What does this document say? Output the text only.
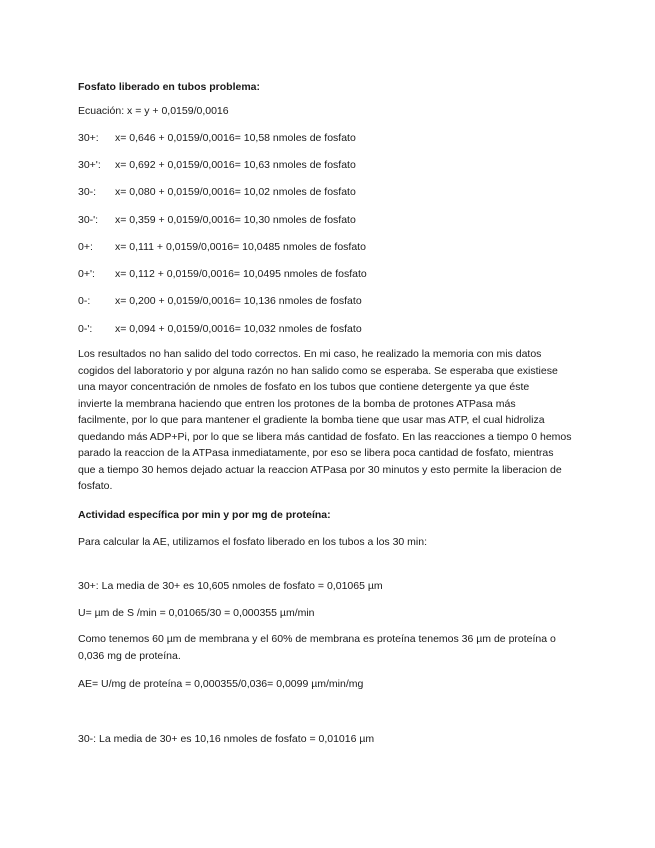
Fosfato liberado en tubos problema:
Ecuación: x = y + 0,0159/0,0016
30+: x= 0,646 + 0,0159/0,0016= 10,58 nmoles de fosfato
30+': x= 0,692 + 0,0159/0,0016= 10,63 nmoles de fosfato
30-: x= 0,080 + 0,0159/0,0016= 10,02 nmoles de fosfato
30-': x= 0,359 + 0,0159/0,0016= 10,30 nmoles de fosfato
0+: x= 0,111 + 0,0159/0,0016= 10,0485 nmoles de fosfato
0+': x= 0,112 + 0,0159/0,0016= 10,0495 nmoles de fosfato
0-: x= 0,200 + 0,0159/0,0016= 10,136 nmoles de fosfato
0-': x= 0,094 + 0,0159/0,0016= 10,032 nmoles de fosfato
Los resultados no han salido del todo correctos. En mi caso, he realizado la memoria con mis datos
cogidos del laboratorio y por alguna razón no han salido como se esperaba. Se esperaba que existiese
una mayor concentración de nmoles de fosfato en los tubos que contiene detergente ya que éste
invierte la membrana haciendo que entren los protones de la bomba de protones ATPasa más
facilmente, por lo que para mantener el gradiente la bomba tiene que usar mas ATP, el cual hidroliza
quedando más ADP+Pi, por lo que se libera más cantidad de fosfato. En las reacciones a tiempo 0 hemos
parado la reaccion de la ATPasa inmediatamente, por eso se libera poca cantidad de fosfato, mientras
que a tiempo 30 hemos dejado actuar la reaccion ATPasa por 30 minutos y esto permite la liberacion de
fosfato.
Actividad específica por min y por mg de proteína:
Para calcular la AE, utilizamos el fosfato liberado en los tubos a los 30 min:
30+: La media de 30+ es 10,605 nmoles de fosfato = 0,01065 µm
U= µm de S /min = 0,01065/30 = 0,000355 µm/min
Como tenemos 60 µm de membrana y el 60% de membrana es proteína tenemos 36 µm de proteína o
0,036 mg de proteína.
AE= U/mg de proteína = 0,000355/0,036= 0,0099 µm/min/mg
30-: La media de 30+ es 10,16 nmoles de fosfato = 0,01016 µm
